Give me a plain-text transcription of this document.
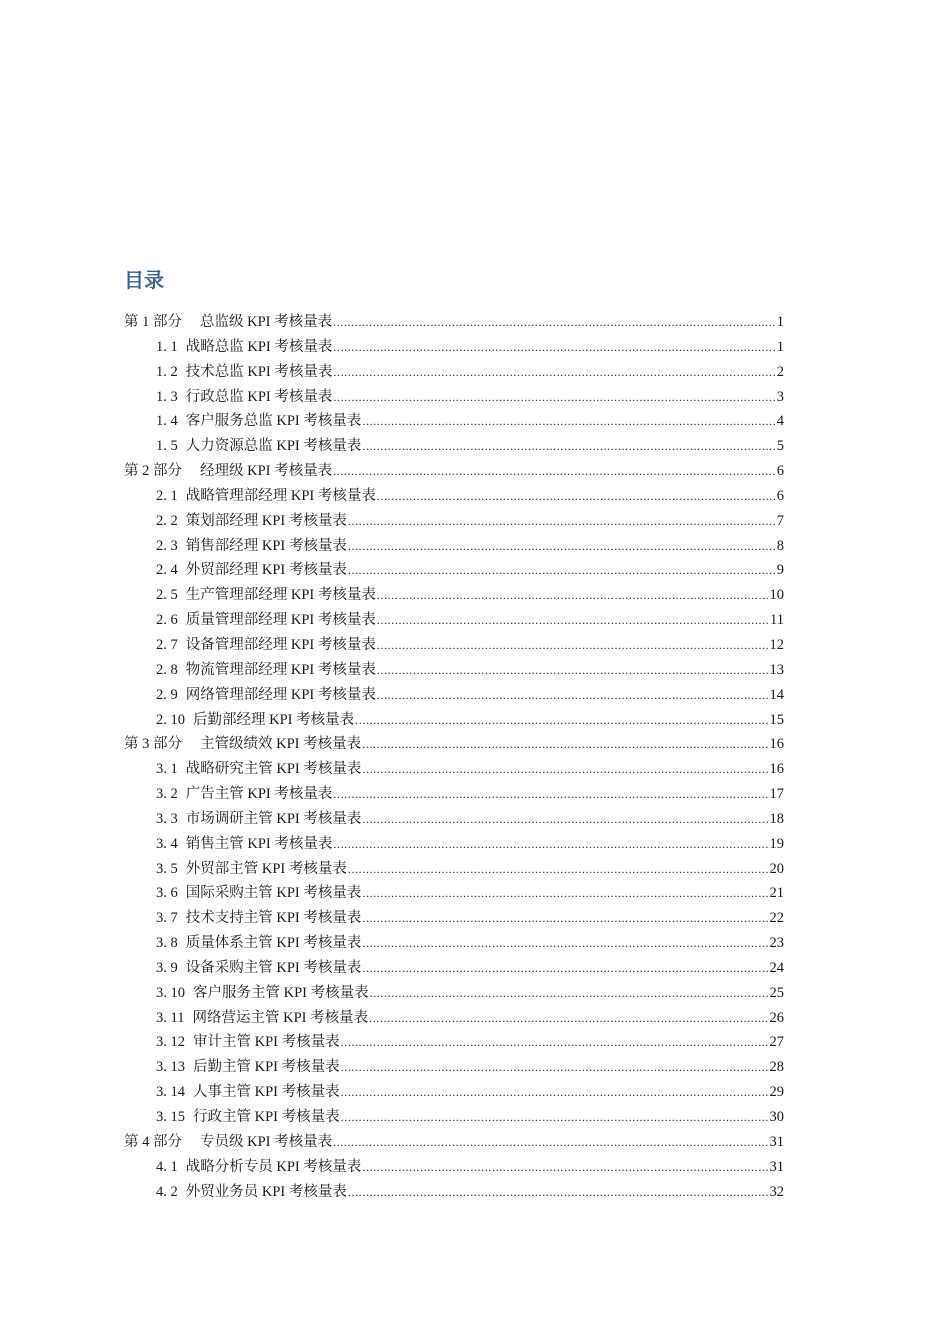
目录
第 1 部分 总监级 KPI 考核量表 .....	1
1. 1 战略总监 KPI 考核量表 .....	1
1. 2 技术总监 KPI 考核量表 .....	2
1. 3 行政总监 KPI 考核量表 .....	3
1. 4 客户服务总监 KPI 考核量表 .....	4
1. 5 人力资源总监 KPI 考核量表 .....	5
第 2 部分 经理级 KPI 考核量表 .....	6
2. 1 战略管理部经理 KPI 考核量表 .....	6
2. 2 策划部经理 KPI 考核量表 .....	7
2. 3 销售部经理 KPI 考核量表 .....	8
2. 4 外贸部经理 KPI 考核量表 .....	9
2. 5 生产管理部经理 KPI 考核量表 .....	10
2. 6 质量管理部经理 KPI 考核量表 .....	11
2. 7 设备管理部经理 KPI 考核量表 .....	12
2. 8 物流管理部经理 KPI 考核量表 .....	13
2. 9 网络管理部经理 KPI 考核量表 .....	14
2. 10 后勤部经理 KPI 考核量表 .....	15
第 3 部分 主管级绩效 KPI 考核量表 .....	16
3. 1 战略研究主管 KPI 考核量表 .....	16
3. 2 广告主管 KPI 考核量表 .....	17
3. 3 市场调研主管 KPI 考核量表 .....	18
3. 4 销售主管 KPI 考核量表 .....	19
3. 5 外贸部主管 KPI 考核量表 .....	20
3. 6 国际采购主管 KPI 考核量表 .....	21
3. 7 技术支持主管 KPI 考核量表 .....	22
3. 8 质量体系主管 KPI 考核量表 .....	23
3. 9 设备采购主管 KPI 考核量表 .....	24
3. 10 客户服务主管 KPI 考核量表 .....	25
3. 11 网络营运主管 KPI 考核量表 .....	26
3. 12 审计主管 KPI 考核量表 .....	27
3. 13 后勤主管 KPI 考核量表 .....	28
3. 14 人事主管 KPI 考核量表 .....	29
3. 15 行政主管 KPI 考核量表 .....	30
第 4 部分 专员级 KPI 考核量表 .....	31
4. 1 战略分析专员 KPI 考核量表 .....	31
4. 2 外贸业务员 KPI 考核量表 .....	32
